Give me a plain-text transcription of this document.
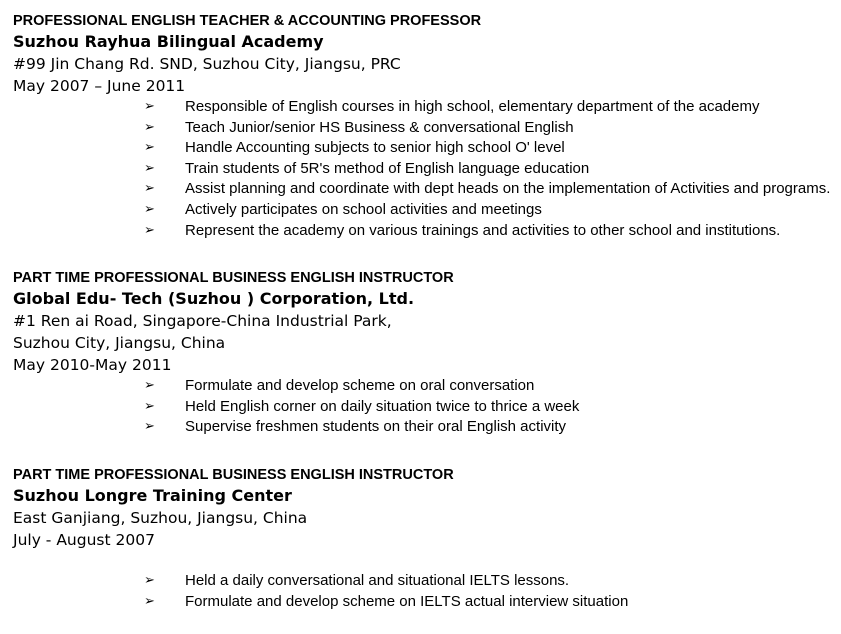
PROFESSIONAL ENGLISH TEACHER & ACCOUNTING PROFESSOR
Suzhou Rayhua Bilingual Academy
#99 Jin Chang Rd. SND, Suzhou City, Jiangsu, PRC
May 2007 – June 2011
➢ Responsible of English courses in high school, elementary department of the academy
➢ Teach Junior/senior HS Business & conversational English
➢ Handle Accounting subjects to senior high school O' level
➢ Train students of 5R's method of English language education
➢ Assist planning and coordinate with dept heads on the implementation of Activities and programs.
➢ Actively participates on school activities and meetings
➢ Represent the academy on various trainings and activities to other school and institutions.
PART TIME PROFESSIONAL BUSINESS ENGLISH INSTRUCTOR
Global Edu- Tech (Suzhou ) Corporation, Ltd.
#1 Ren ai Road, Singapore-China Industrial Park,
Suzhou City, Jiangsu, China
May 2010-May 2011
➢ Formulate and develop scheme on oral conversation
➢ Held English corner on daily situation twice to thrice a week
➢ Supervise freshmen students on their oral English activity
PART TIME PROFESSIONAL BUSINESS ENGLISH INSTRUCTOR
Suzhou Longre Training Center
East Ganjiang, Suzhou, Jiangsu, China
July - August 2007
➢ Held a daily conversational and situational IELTS lessons.
➢ Formulate and develop scheme on IELTS actual interview situation
